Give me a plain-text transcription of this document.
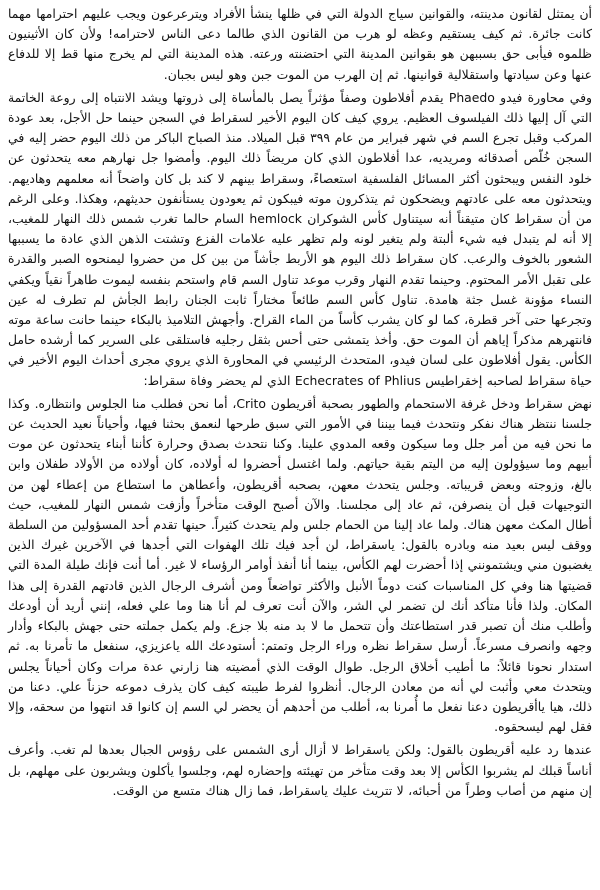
أن يمتثل لقانون مدينته، والقوانين سياج الدولة التي في ظلها ينشأ الأفراد ويترعرعون ويجب عليهم احترامها مهما كانت جائرة. ثم كيف يستقيم وعظه لو هرب من القانون الذي طالما دعى الناس لاحترامه! ولأن كان الأثينيون ظلموه فيأبى حق بسببهن هو بقوانين المدينة التي احتضنته ورعته. هذه المدينة التي لم يخرج منها قط إلا للدفاع عنها وعن سيادتها واستقلالية قوانينها. ثم إن الهرب من الموت جبن وهو ليس بجبان.

وفي محاورة فيدو Phaedo يقدم أفلاطون وصفاً مؤثراً يصل بالمأساة إلى ذروتها ويشد الانتباه إلى روعة الخاتمة التي آل إليها ذلك الفيلسوف العظيم. يروي كيف كان اليوم الأخير لسقراط في السجن حينما حل الأجل، بعد عودة المركب وقبل تجرع السم في شهر فبراير من عام ٣٩٩ قبل الميلاد. منذ الصباح الباكر من ذلك اليوم حضر إليه في السجن خُلّص أصدقائه ومريديه، عدا أفلاطون الذي كان مريضاً ذلك اليوم. وأمضوا جل نهارهم معه يتحدثون عن خلود النفس ويبحثون أكثر المسائل الفلسفية استعصاءً، وسقراط بينهم لا كند بل كان واضحاً أنه معلمهم وهاديهم. ويتحدثون معه على عادتهم ويضحكون ثم يتذكرون موته فيبكون ثم يعودون يستأنفون حديثهم، وهكذا. وعلى الرغم من أن سقراط كان متيقناً أنه سيتناول كأس الشوكران hemlock السام حالما تغرب شمس ذلك النهار للمغيب، إلا أنه لم يتبدل فيه شيء ألبتة ولم يتغير لونه ولم تظهر عليه علامات الفزع وتشتت الذهن الذي عادة ما يسببها الشعور بالخوف والرعب. كان سقراط ذلك اليوم هو الأربط جأشاً من بين كل من حضروا ليمنحوه الصبر والقدرة على تقبل الأمر المحتوم. وحينما تقدم النهار وقرب موعد تناول السم قام واستحم بنفسه ليموت طاهراً نقياً ويكفي النساء مؤونة غسل جثة هامدة. تناول كأس السم طائعاً مختاراً ثابت الجنان رابط الجأش لم تطرف له عين وتجرعها حتى آخر قطرة، كما لو كان يشرب كأساً من الماء القراح. وأجهش التلاميذ بالبكاء حينما حانت ساعة موته فانتهرهم مذكراً إياهم أن الموت حق. وأخذ يتمشى حتى أحس بثقل رجليه فاستلقى على السرير كما أرشده حامل الكأس. يقول أفلاطون على لسان فيدو، المتحدث الرئيسي في المحاورة الذي يروي مجرى أحداث اليوم الأخير في حياة سقراط لصاحبه إخقراطيس Echecrates of Phlius الذي لم يحضر وفاة سقراط:

نهض سقراط ودخل غرفة الاستحمام والطهور بصحبة أقريطون Crito، أما نحن فطلب منا الجلوس وانتظاره. وكذا جلسنا ننتظر هناك نفكر ونتحدث فيما بيننا في الأمور التي سبق طرحها لنعمق بحثنا فيها، وأحياناً نعيد الحديث عن ما نحن فيه من أمر جلل وما سيكون وقعه المدوي علينا. وكنا نتحدث بصدق وحرارة كأننا أبناء يتحدثون عن موت أبيهم وما سيؤولون إليه من اليتم بقية حياتهم. ولما اغتسل أحضروا له أولاده، كان أولاده من الأولاد طفلان وابن بالغ، وزوجته وبعض قريباته. وجلس يتحدث معهن، بصحبه أقريطون، وأعطاهن ما استطاع من إعطاء لهن من التوجيهات قبل أن ينصرفن، ثم عاد إلى مجلسنا. والآن أصبح الوقت متأخراً وأزفت شمس النهار للمغيب، حيث أطال المكث معهن هناك. ولما عاد إلينا من الحمام جلس ولم يتحدث كثيراً. حينها تقدم أحد المسؤولين من السلطة ووقف ليس بعيد منه وبادره بالقول: ياسقراط، لن أجد فيك تلك الهفوات التي أجدها في الآخرين غيرك الذين يغضبون مني ويشتمونني إذا أحضرت لهم الكأس، بينما أنا أنفذ أوامر الرؤساء لا غير. أما أنت فإنك طيلة المدة التي قضيتها هنا وفي كل المناسبات كنت دوماً الأنبل والأكثر تواضعاً ومن أشرف الرجال الذين قادتهم القدرة إلى هذا المكان. ولذا فأنا متأكد أنك لن تضمر لي الشر، والآن أنت تعرف لم أنا هنا وما علي فعله، إنني أريد أن أودعك وأطلب منك أن تصبر قدر استطاعتك وأن تتحمل ما لا بد منه بلا جزع. ولم يكمل جملته حتى جهش بالبكاء وأدار وجهه وانصرف مسرعاً. أرسل سقراط نظره وراء الرجل وتمتم: أستودعك الله ياعزيزي، سنفعل ما تأمرنا به. ثم استدار نحونا قائلاً: ما أطيب أخلاق الرجل. طوال الوقت الذي أمضيته هنا زارني عدة مرات وكان أحياناً يجلس ويتحدث معي وأثبت لي أنه من معادن الرجال. أنظروا لفرط طيبته كيف كان يذرف دموعه حزناً علي. دعنا من ذلك، هيا ياأقريطون دعنا نفعل ما أُمرنا به، أطلب من أحدهم أن يحضر لي السم إن كانوا قد انتهوا من سحقه، وإلا فقل لهم ليسحقوه.

عندها رد عليه أقريطون بالقول: ولكن ياسقراط لا أزال أرى الشمس على رؤوس الجبال بعدها لم تغب. وأعرف أناساً قبلك لم يشربوا الكأس إلا بعد وقت متأخر من تهيئته وإحضاره لهم، وجلسوا يأكلون ويشربون على مهلهم، بل إن منهم من أصاب وطراً من أحبائه، لا تتريث عليك ياسقراط، فما زال هناك متسع من الوقت.
